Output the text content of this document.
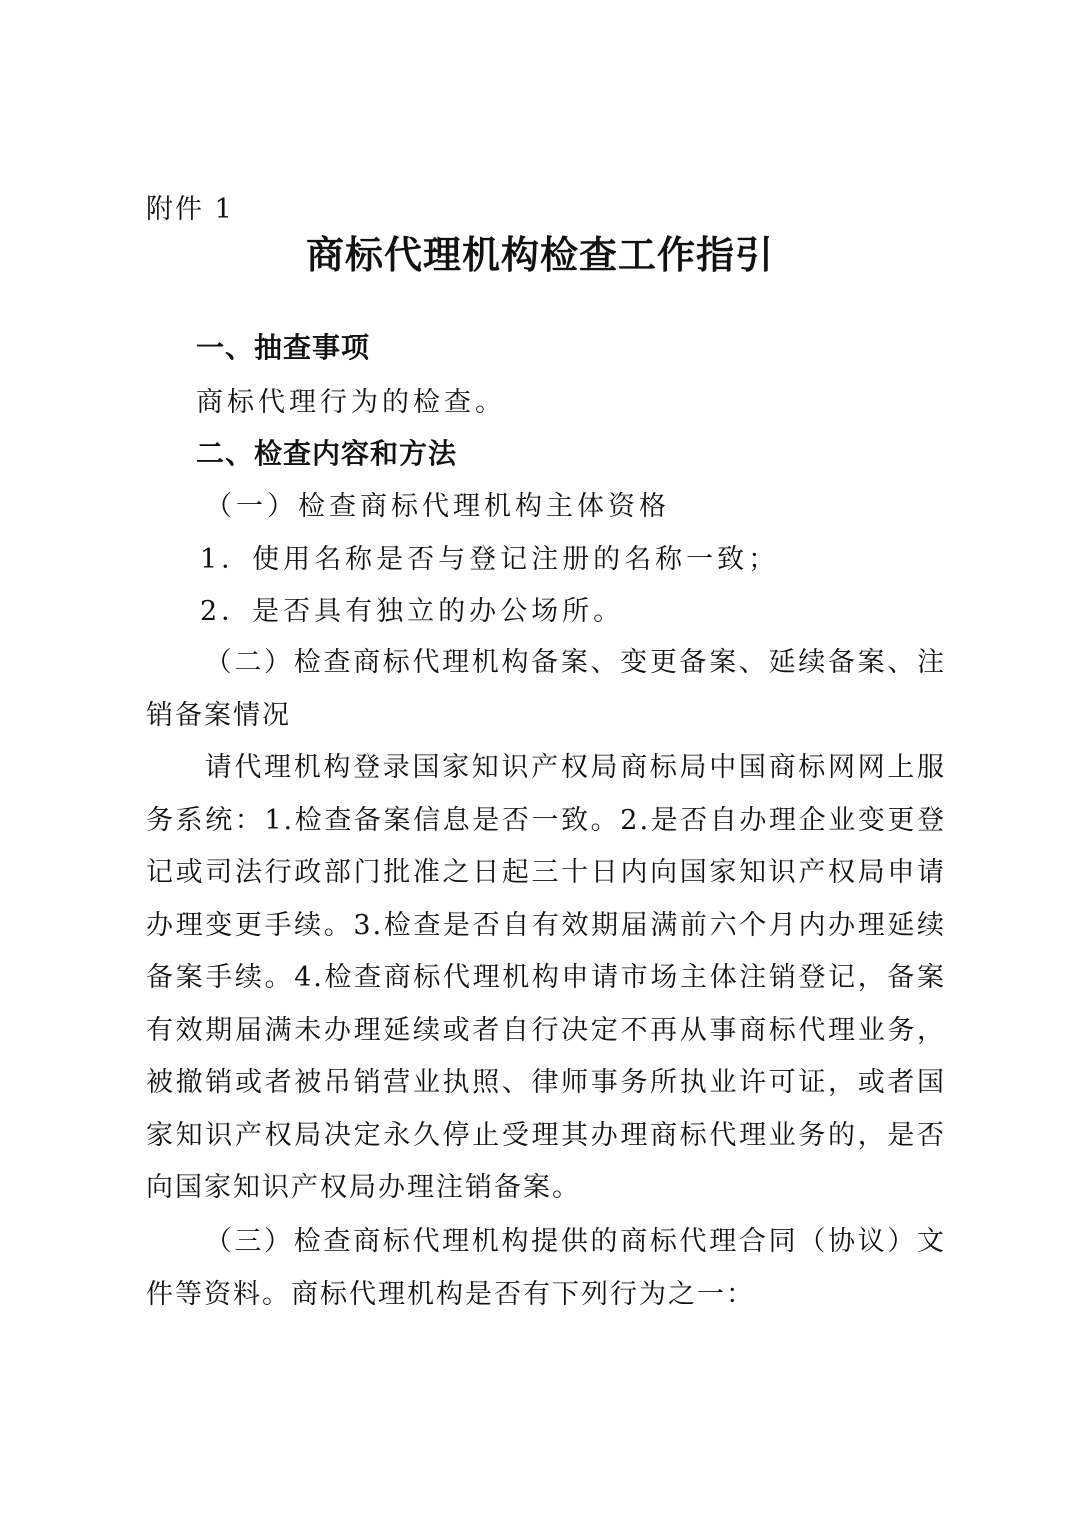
附件 1
商标代理机构检查工作指引
一、抽查事项
商标代理行为的检查。
二、检查内容和方法
（一）检查商标代理机构主体资格
1．使用名称是否与登记注册的名称一致；
2．是否具有独立的办公场所。
（二）检查商标代理机构备案、变更备案、延续备案、注销备案情况
请代理机构登录国家知识产权局商标局中国商标网网上服务系统：1.检查备案信息是否一致。2.是否自办理企业变更登记或司法行政部门批准之日起三十日内向国家知识产权局申请办理变更手续。3.检查是否自有效期届满前六个月内办理延续备案手续。4.检查商标代理机构申请市场主体注销登记，备案有效期届满未办理延续或者自行决定不再从事商标代理业务，被撤销或者被吊销营业执照、律师事务所执业许可证，或者国家知识产权局决定永久停止受理其办理商标代理业务的，是否向国家知识产权局办理注销备案。
（三）检查商标代理机构提供的商标代理合同（协议）文件等资料。商标代理机构是否有下列行为之一：
